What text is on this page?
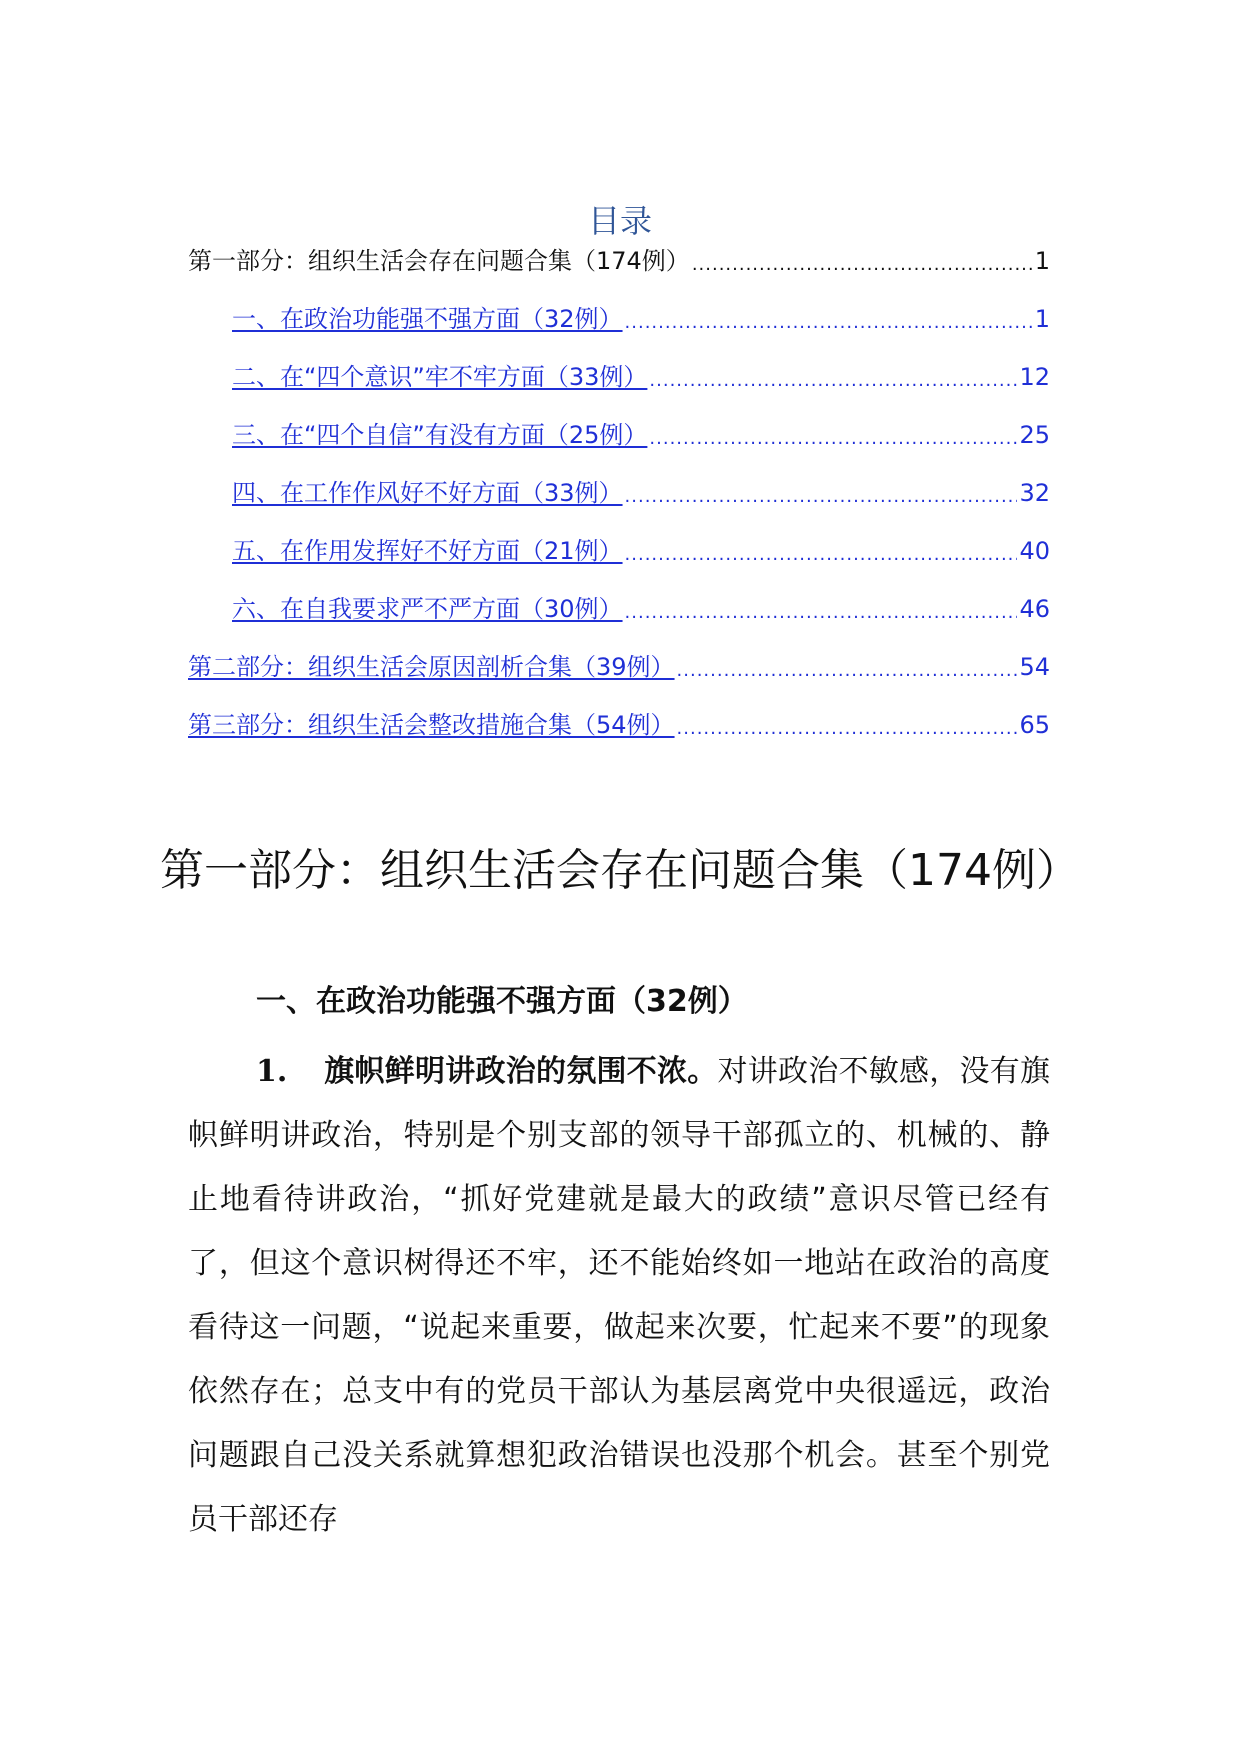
目录
第一部分：组织生活会存在问题合集（174例） .....	1
一、在政治功能强不强方面（32例） .....	1
二、在“四个意识”牢不牢方面（33例） .....	12
三、在“四个自信”有没有方面（25例） .....	25
四、在工作作风好不好方面（33例） .....	32
五、在作用发挥好不好方面（21例） .....	40
六、在自我要求严不严方面（30例） .....	46
第二部分：组织生活会原因剖析合集（39例） .....	54
第三部分：组织生活会整改措施合集（54例） .....	65
第一部分：组织生活会存在问题合集（174例）
一、在政治功能强不强方面（32例）
1. 旗帜鲜明讲政治的氛围不浓。对讲政治不敏感，没有旗帜鲜明讲政治，特别是个别支部的领导干部孤立的、机械的、静止地看待讲政治，“抓好党建就是最大的政绩”意识尽管已经有了，但这个意识树得还不牢，还不能始终如一地站在政治的高度看待这一问题，“说起来重要，做起来次要，忙起来不要”的现象依然存在；总支中有的党员干部认为基层离党中央很遥远，政治问题跟自己没关系就算想犯政治错误也没那个机会。甚至个别党员干部还存
